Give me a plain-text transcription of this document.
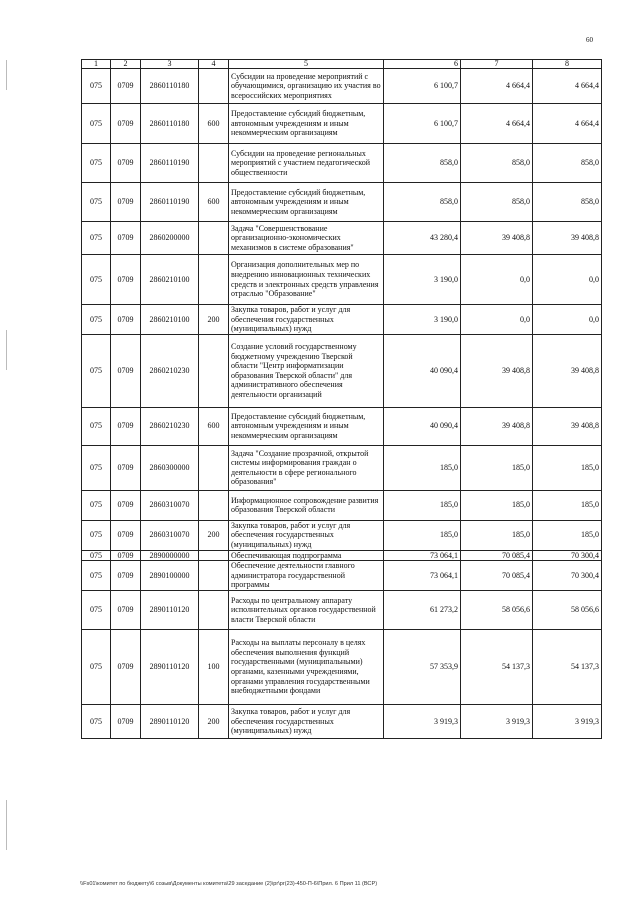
60
1	2	3	4	5	6	7	8
075	0709	2860110180		Субсидии на проведение мероприятий с обучающимися, организацию их участия во всероссийских мероприятиях	6 100,7	4 664,4	4 664,4
075	0709	2860110180	600	Предоставление субсидий бюджетным, автономным учреждениям и иным некоммерческим организациям	6 100,7	4 664,4	4 664,4
075	0709	2860110190		Субсидии на проведение региональных мероприятий с участием педагогической общественности	858,0	858,0	858,0
075	0709	2860110190	600	Предоставление субсидий бюджетным, автономным учреждениям и иным некоммерческим организациям	858,0	858,0	858,0
075	0709	2860200000		Задача "Совершенствование организационно-экономических механизмов в системе образования"	43 280,4	39 408,8	39 408,8
075	0709	2860210100		Организация дополнительных мер по внедрению инновационных технических средств и электронных средств управления отраслью "Образование"	3 190,0	0,0	0,0
075	0709	2860210100	200	Закупка товаров, работ и услуг для обеспечения государственных (муниципальных) нужд	3 190,0	0,0	0,0
075	0709	2860210230		Создание условий государственному бюджетному учреждению Тверской области "Центр информатизации образования Тверской области" для административного обеспечения деятельности организаций	40 090,4	39 408,8	39 408,8
075	0709	2860210230	600	Предоставление субсидий бюджетным, автономным учреждениям и иным некоммерческим организациям	40 090,4	39 408,8	39 408,8
075	0709	2860300000		Задача "Создание прозрачной, открытой системы информирования граждан о деятельности в сфере регионального образования"	185,0	185,0	185,0
075	0709	2860310070		Информационное сопровождение развития образования Тверской области	185,0	185,0	185,0
075	0709	2860310070	200	Закупка товаров, работ и услуг для обеспечения государственных (муниципальных) нужд	185,0	185,0	185,0
075	0709	2890000000		Обеспечивающая подпрограмма	73 064,1	70 085,4	70 300,4
075	0709	2890100000		Обеспечение деятельности главного администратора государственной программы	73 064,1	70 085,4	70 300,4
075	0709	2890110120		Расходы по центральному аппарату исполнительных органов государственной власти Тверской области	61 273,2	58 056,6	58 056,6
075	0709	2890110120	100	Расходы на выплаты персоналу в целях обеспечения выполнения функций государственными (муниципальными) органами, казенными учреждениями, органами управления государственными внебюджетными фондами	57 353,9	54 137,3	54 137,3
075	0709	2890110120	200	Закупка товаров, работ и услуг для обеспечения государственных (муниципальных) нужд	3 919,3	3 919,3	3 919,3
\\Fs01\комитет по бюджету\6 созыв\Документы комитета\29 заседание (2)\pr\pr(23)-450-П-6\Прил. 6 Прил 11 (ВСР)
